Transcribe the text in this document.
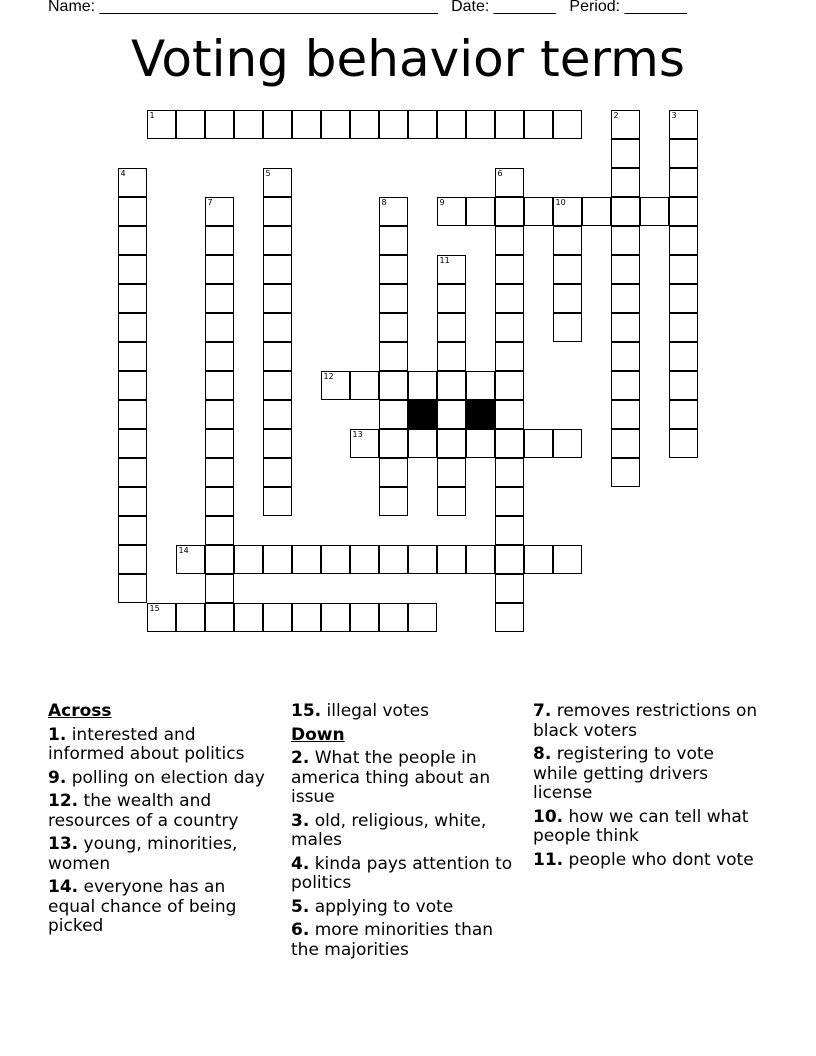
Name: ______________________________________ Date: _______ Period: _______
Voting behavior terms
1	2	3
4	5	6
7	8	9	10
11
12
13
14
15
Across
1. interested and informed about politics
9. polling on election day
12. the wealth and resources of a country
13. young, minorities, women
14. everyone has an equal chance of being picked
15. illegal votes
Down
2. What the people in america thing about an issue
3. old, religious, white, males
4. kinda pays attention to politics
5. applying to vote
6. more minorities than the majorities
7. removes restrictions on black voters
8. registering to vote while getting drivers license
10. how we can tell what people think
11. people who dont vote
